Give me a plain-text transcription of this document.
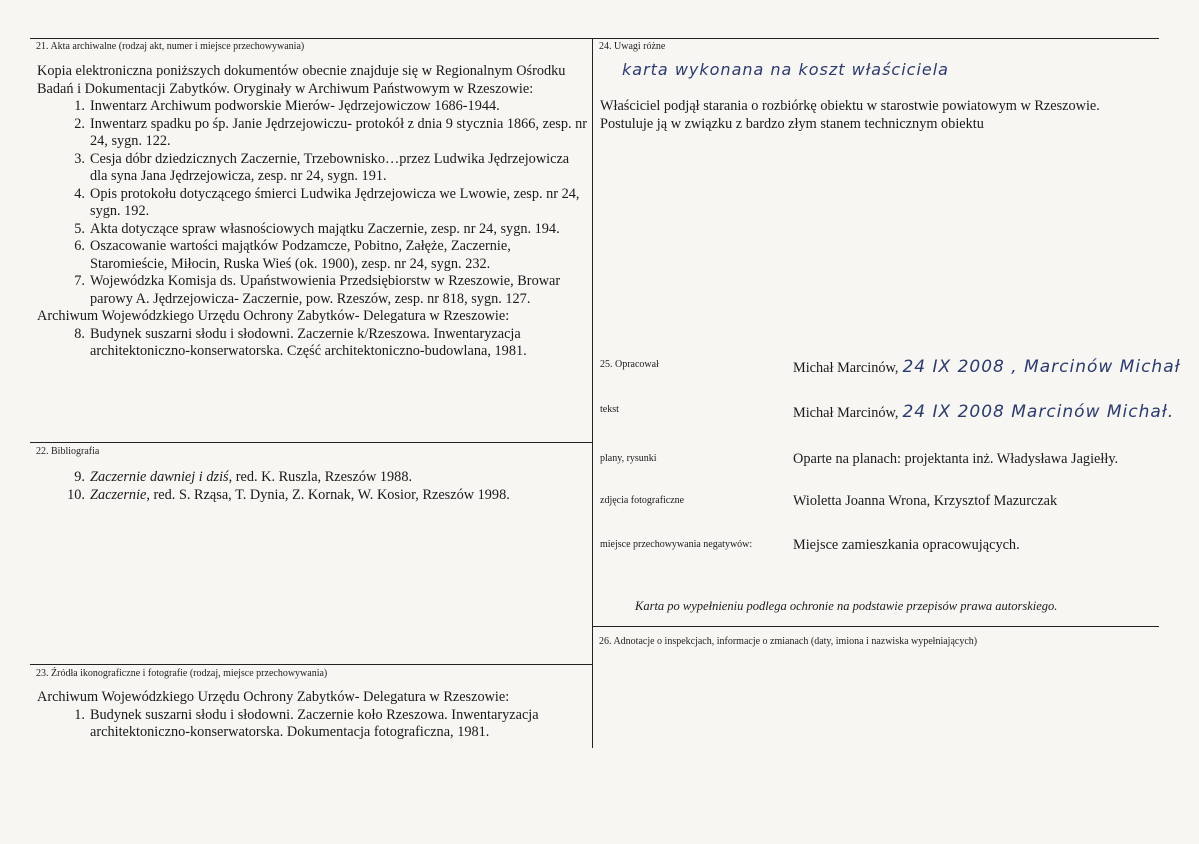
21. Akta archiwalne (rodzaj akt, numer i miejsce przechowywania)
Kopia elektroniczna poniższych dokumentów obecnie znajduje się w Regionalnym Ośrodku Badań i Dokumentacji Zabytków. Oryginały w Archiwum Państwowym w Rzeszowie:
1. Inwentarz Archiwum podworskie Mierów- Jędrzejowiczow 1686-1944.
2. Inwentarz spadku po śp. Janie Jędrzejowiczu- protokół z dnia 9 stycznia 1866, zesp. nr 24, sygn. 122.
3. Cesja dóbr dziedzicznych Zaczernie, Trzebownisko…przez Ludwika Jędrzejowicza dla syna Jana Jędrzejowicza, zesp. nr 24, sygn. 191.
4. Opis protokołu dotyczącego śmierci Ludwika Jędrzejowicza we Lwowie, zesp. nr 24, sygn. 192.
5. Akta dotyczące spraw własnościowych majątku Zaczernie, zesp. nr 24, sygn. 194.
6. Oszacowanie wartości majątków Podzamcze, Pobitno, Załęże, Zaczernie, Staromieście, Miłocin, Ruska Wieś (ok. 1900), zesp. nr 24, sygn. 232.
7. Wojewódzka Komisja ds. Upaństwowienia Przedsiębiorstw w Rzeszowie, Browar parowy A. Jędrzejowicza- Zaczernie, pow. Rzeszów, zesp. nr 818, sygn. 127.
Archiwum Wojewódzkiego Urzędu Ochrony Zabytków- Delegatura w Rzeszowie:
8. Budynek suszarni słodu i słodowni. Zaczernie k/Rzeszowa. Inwentaryzacja architektoniczno-konserwatorska. Część architektoniczno-budowlana, 1981.
22. Bibliografia
9. Zaczernie dawniej i dziś, red. K. Ruszla, Rzeszów 1988.
10. Zaczernie, red. S. Rząsa, T. Dynia, Z. Kornak, W. Kosior, Rzeszów 1998.
23. Źródła ikonograficzne i fotografie (rodzaj, miejsce przechowywania)
Archiwum Wojewódzkiego Urzędu Ochrony Zabytków- Delegatura w Rzeszowie:
1. Budynek suszarni słodu i słodowni. Zaczernie koło Rzeszowa. Inwentaryzacja architektoniczno-konserwatorska. Dokumentacja fotograficzna, 1981.
24. Uwagi różne
karta wykonana na koszt właściciela
Właściciel podjął starania o rozbiórkę obiektu w starostwie powiatowym w Rzeszowie. Postuluje ją w związku z bardzo złym stanem technicznym obiektu
25. Opracował	Michał Marcinów, 24 IX 2008 , Marcinów Michał
tekst	Michał Marcinów, 24 IX 2008 Marcinów Michał.
plany, rysunki	Oparte na planach: projektanta inż. Władysława Jagiełły.
zdjęcia fotograficzne	Wioletta Joanna Wrona, Krzysztof Mazurczak
miejsce przechowywania negatywów:	Miejsce zamieszkania opracowujących.
Karta po wypełnieniu podlega ochronie na podstawie przepisów prawa autorskiego.
26. Adnotacje o inspekcjach, informacje o zmianach (daty, imiona i nazwiska wypełniających)
